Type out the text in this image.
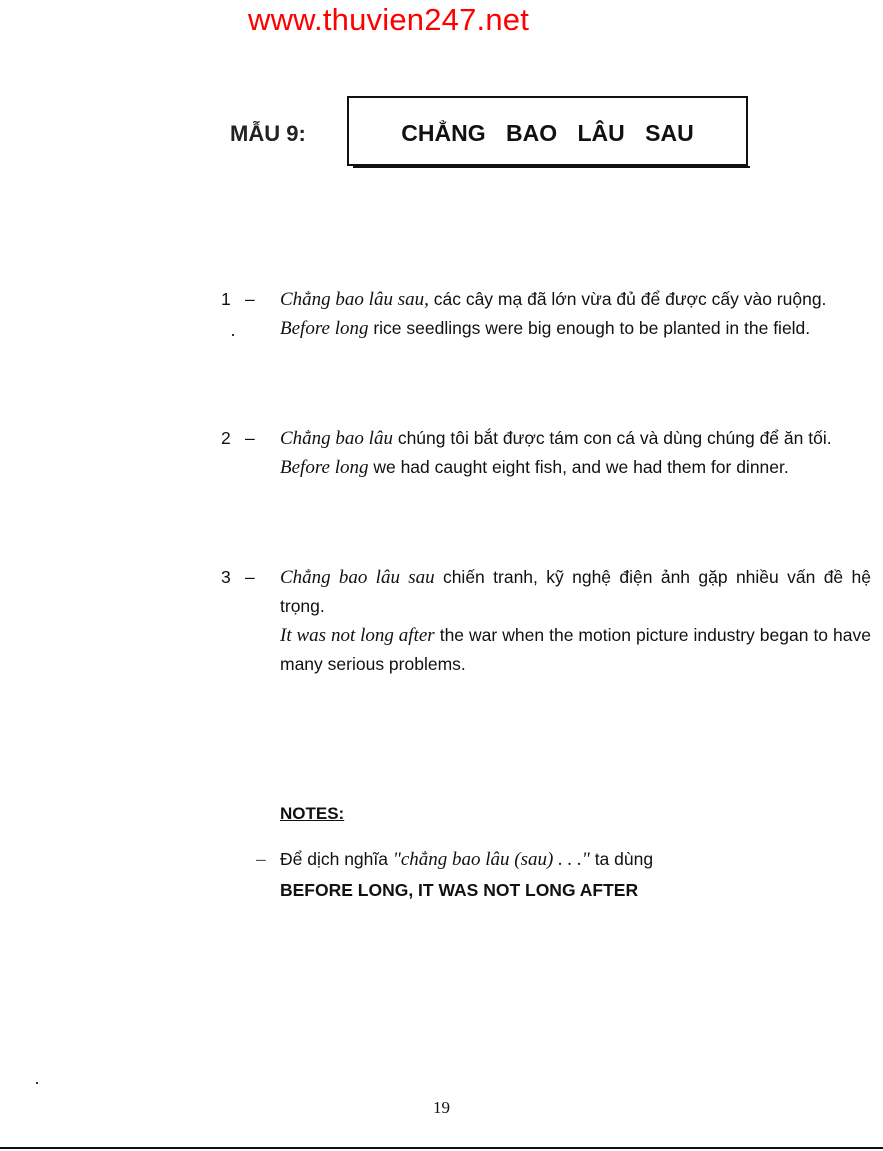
www.thuvien247.net
MẪU 9:	CHẲNG BAO LÂU SAU
1 – Chẳng bao lâu sau, các cây mạ đã lớn vừa đủ để được cấy vào ruộng.

Before long rice seedlings were big enough to be planted in the field.

2 – Chẳng bao lâu chúng tôi bắt được tám con cá và dùng chúng để ăn tối.

Before long we had caught eight fish, and we had them for dinner.

3 – Chẳng bao lâu sau chiến tranh, kỹ nghệ điện ảnh gặp nhiều vấn đề hệ trọng.

It was not long after the war when the motion picture industry began to have many serious problems.

NOTES:
– Để dịch nghĩa "chẳng bao lâu (sau) . . ." ta dùng
BEFORE LONG, IT WAS NOT LONG AFTER
19
